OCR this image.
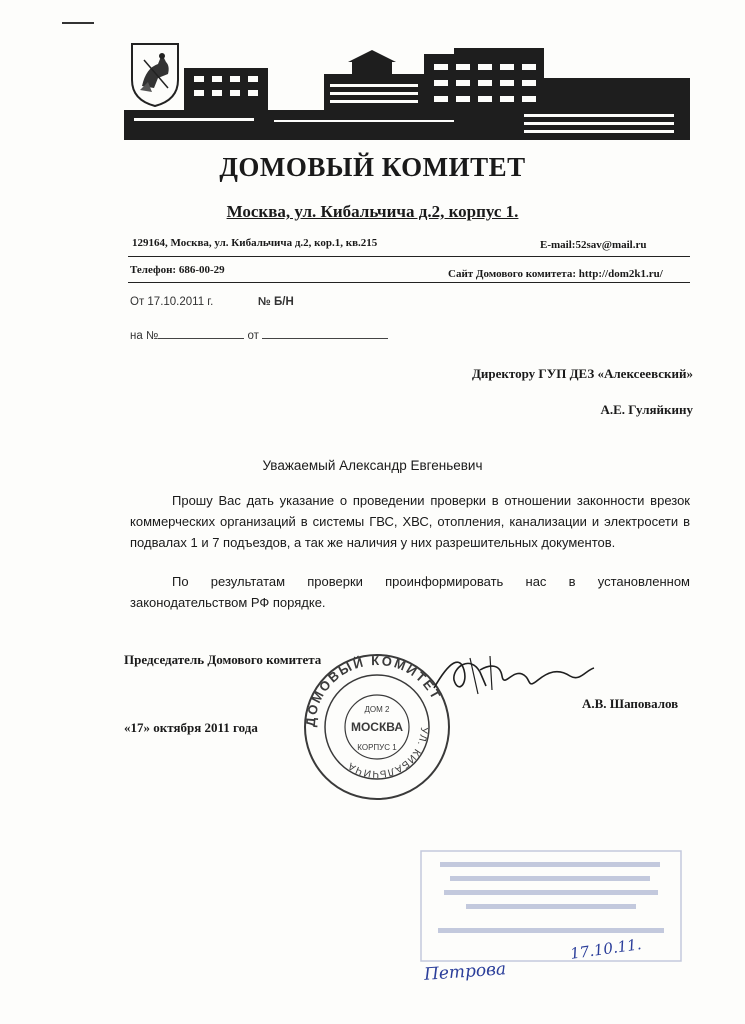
ДОМОВЫЙ КОМИТЕТ
Москва, ул. Кибальчича д.2, корпус 1.
129164, Москва, ул. Кибальчича д.2, кор.1, кв.215	E-mail:52sav@mail.ru
Телефон: 686-00-29	Сайт Домового комитета: http://dom2k1.ru/
От 17.10.2011 г.	№ Б/Н
на №	от
Директору ГУП ДЕЗ «Алексеевский»
А.Е. Гуляйкину
Уважаемый Александр Евгеньевич
Прошу Вас дать указание о проведении проверки в отношении законности врезок коммерческих организаций в системы ГВС, ХВС, отопления, канализации и электросети в подвалах 1 и 7 подъездов, а так же наличия у них разрешительных документов.
По результатам проверки проинформировать нас в установленном законодательством РФ порядке.
Председатель Домового комитета
А.В. Шаповалов
«17» октября 2011 года	ДОМОВЫЙ КОМИТЕТ
УЛ. КИБАЛЬЧИЧА
МОСКВА
ДОМ 2
КОРПУС 1
17.10.11.
Петрова
